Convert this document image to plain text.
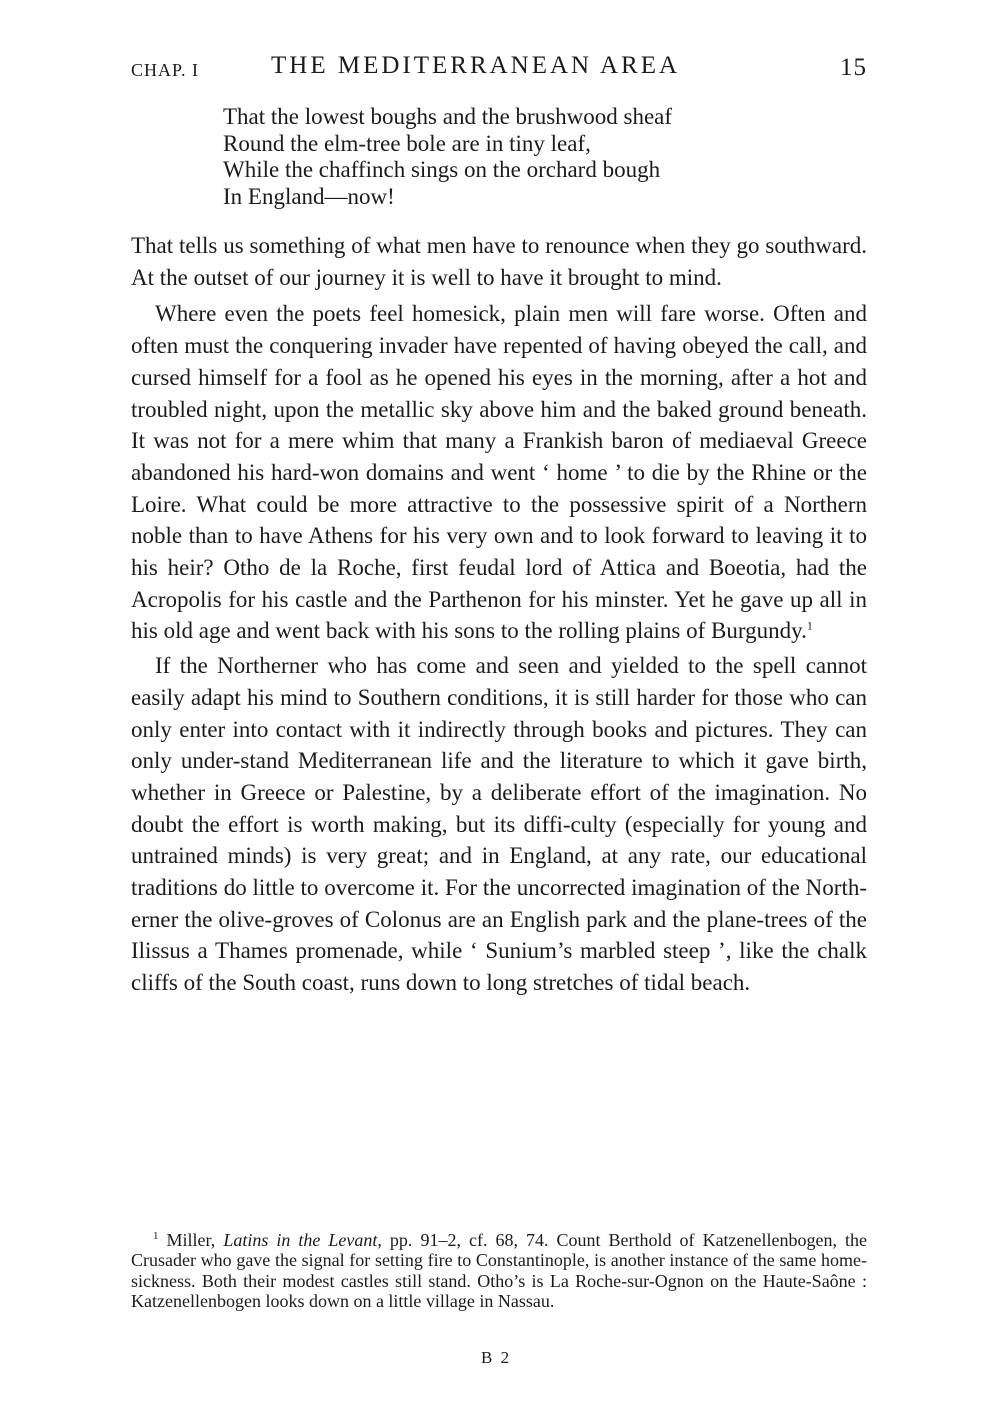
CHAP. I	THE MEDITERRANEAN AREA	15
That the lowest boughs and the brushwood sheaf
Round the elm-tree bole are in tiny leaf,
While the chaffinch sings on the orchard bough
In England—now!

That tells us something of what men have to renounce when they go southward. At the outset of our journey it is well to have it brought to mind.

Where even the poets feel homesick, plain men will fare worse. Often and often must the conquering invader have repented of having obeyed the call, and cursed himself for a fool as he opened his eyes in the morning, after a hot and troubled night, upon the metallic sky above him and the baked ground beneath. It was not for a mere whim that many a Frankish baron of mediaeval Greece abandoned his hard-won domains and went ‘ home ’ to die by the Rhine or the Loire. What could be more attractive to the possessive spirit of a Northern noble than to have Athens for his very own and to look forward to leaving it to his heir? Otho de la Roche, first feudal lord of Attica and Boeotia, had the Acropolis for his castle and the Parthenon for his minster. Yet he gave up all in his old age and went back with his sons to the rolling plains of Burgundy.$^1$

If the Northerner who has come and seen and yielded to the spell cannot easily adapt his mind to Southern conditions, it is still harder for those who can only enter into contact with it indirectly through books and pictures. They can only under-stand Mediterranean life and the literature to which it gave birth, whether in Greece or Palestine, by a deliberate effort of the imagination. No doubt the effort is worth making, but its diffi-culty (especially for young and untrained minds) is very great; and in England, at any rate, our educational traditions do little to overcome it. For the uncorrected imagination of the North-erner the olive-groves of Colonus are an English park and the plane-trees of the Ilissus a Thames promenade, while ‘ Sunium’s marbled steep ’, like the chalk cliffs of the South coast, runs down to long stretches of tidal beach.

$^1$ Miller, Latins in the Levant, pp. 91–2, cf. 68, 74. Count Berthold of Katzenellenbogen, the Crusader who gave the signal for setting fire to Constantinople, is another instance of the same home-sickness. Both their modest castles still stand. Otho’s is La Roche-sur-Ognon on the Haute-Saône : Katzenellenbogen looks down on a little village in Nassau.
B 2
